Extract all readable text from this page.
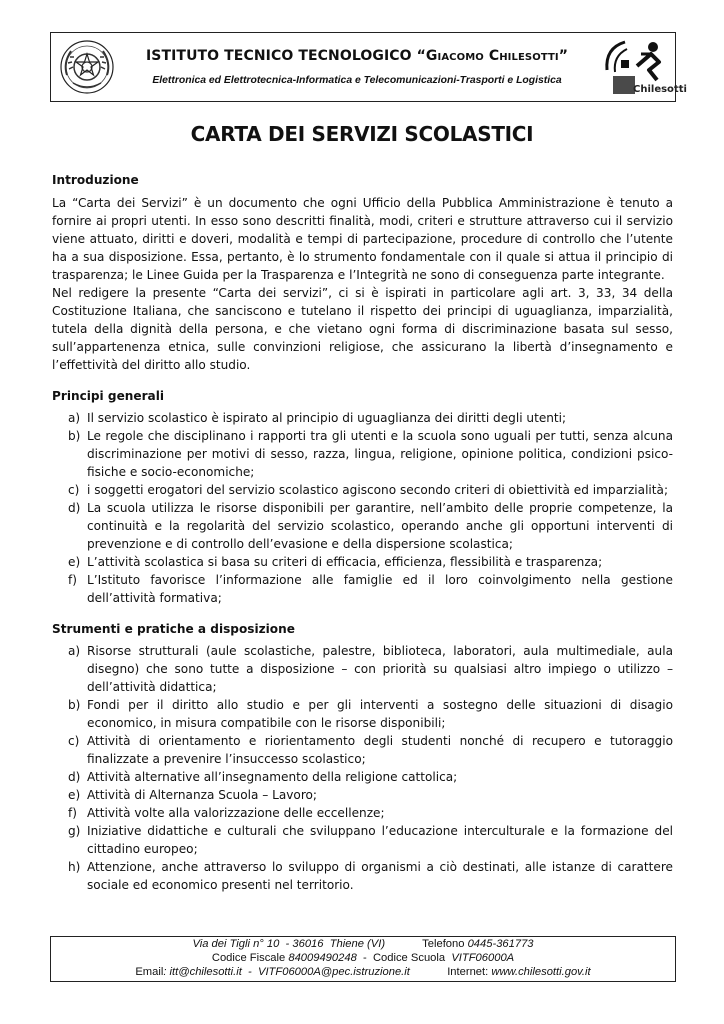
ISTITUTO TECNICO TECNOLOGICO “Giacomo Chilesotti”
Elettronica ed Elettrotecnica-Informatica e Telecomunicazioni-Trasporti e Logistica
Chilesotti
CARTA DEI SERVIZI SCOLASTICI

Introduzione

La “Carta dei Servizi” è un documento che ogni Ufficio della Pubblica Amministrazione è tenuto a fornire ai propri utenti. In esso sono descritti finalità, modi, criteri e strutture attraverso cui il servizio viene attuato, diritti e doveri, modalità e tempi di partecipazione, procedure di controllo che l’utente ha a sua disposizione. Essa, pertanto, è lo strumento fondamentale con il quale si attua il principio di trasparenza; le Linee Guida per la Trasparenza e l’Integrità ne sono di conseguenza parte integrante.

Nel redigere la presente “Carta dei servizi”, ci si è ispirati in particolare agli art. 3, 33, 34 della Costituzione Italiana, che sanciscono e tutelano il rispetto dei principi di uguaglianza, imparzialità, tutela della dignità della persona, e che vietano ogni forma di discriminazione basata sul sesso, sull’appartenenza etnica, sulle convinzioni religiose, che assicurano la libertà d’insegnamento e l’effettività del diritto allo studio.

Principi generali

a) Il servizio scolastico è ispirato al principio di uguaglianza dei diritti degli utenti;
b) Le regole che disciplinano i rapporti tra gli utenti e la scuola sono uguali per tutti, senza alcuna discriminazione per motivi di sesso, razza, lingua, religione, opinione politica, condizioni psico-fisiche e socio-economiche;
c) i soggetti erogatori del servizio scolastico agiscono secondo criteri di obiettività ed imparzialità;
d) La scuola utilizza le risorse disponibili per garantire, nell’ambito delle proprie competenze, la continuità e la regolarità del servizio scolastico, operando anche gli opportuni interventi di prevenzione e di controllo dell’evasione e della dispersione scolastica;
e) L’attività scolastica si basa su criteri di efficacia, efficienza, flessibilità e trasparenza;
f) L’Istituto favorisce l’informazione alle famiglie ed il loro coinvolgimento nella gestione dell’attività formativa;

Strumenti e pratiche a disposizione

a) Risorse strutturali (aule scolastiche, palestre, biblioteca, laboratori, aula multimediale, aula disegno) che sono tutte a disposizione – con priorità su qualsiasi altro impiego o utilizzo – dell’attività didattica;
b) Fondi per il diritto allo studio e per gli interventi a sostegno delle situazioni di disagio economico, in misura compatibile con le risorse disponibili;
c) Attività di orientamento e riorientamento degli studenti nonché di recupero e tutoraggio finalizzate a prevenire l’insuccesso scolastico;
d) Attività alternative all’insegnamento della religione cattolica;
e) Attività di Alternanza Scuola – Lavoro;
f) Attività volte alla valorizzazione delle eccellenze;
g) Iniziative didattiche e culturali che sviluppano l’educazione interculturale e la formazione del cittadino europeo;
h) Attenzione, anche attraverso lo sviluppo di organismi a ciò destinati, alle istanze di carattere sociale ed economico presenti nel territorio.
Via dei Tigli n° 10  - 36016  Thiene (VI)	Telefono 0445-361773
Codice Fiscale 84009490248  -  Codice Scuola  VITF06000A
Email: itt@chilesotti.it  -  VITF06000A@pec.istruzione.it	Internet: www.chilesotti.gov.it
